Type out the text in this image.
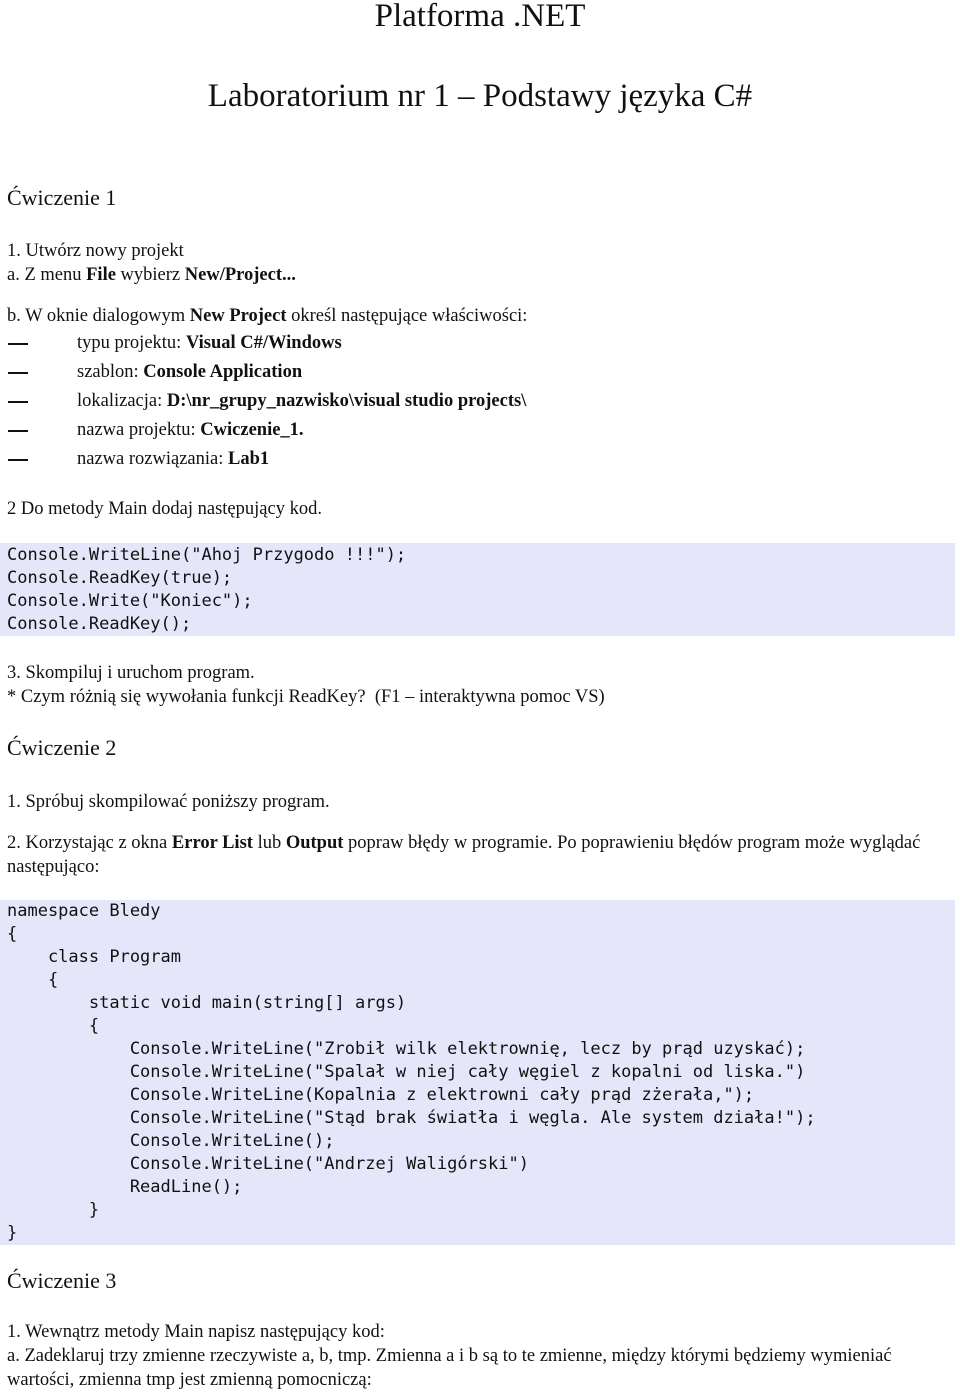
Platforma .NET
Laboratorium nr 1 – Podstawy języka C#
Ćwiczenie 1
1. Utwórz nowy projekt
a. Z menu File wybierz New/Project...
b. W oknie dialogowym New Project określ następujące właściwości:
typu projektu: Visual C#/Windows
szablon: Console Application
lokalizacja: D:\nr_grupy_nazwisko\visual studio projects\
nazwa projektu: Cwiczenie_1.
nazwa rozwiązania: Lab1
2 Do metody Main dodaj następujący kod.
Console.WriteLine("Ahoj Przygodo !!!");
Console.ReadKey(true);
Console.Write("Koniec");
Console.ReadKey();
3. Skompiluj i uruchom program.
* Czym różnią się wywołania funkcji ReadKey?  (F1 – interaktywna pomoc VS)
Ćwiczenie 2
1. Spróbuj skompilować poniższy program.
2. Korzystając z okna Error List lub Output popraw błędy w programie. Po poprawieniu błędów program może wyglądać następująco:
namespace Bledy
{
class Program
{
static void main(string[] args)
{
Console.WriteLine("Zrobił wilk elektrownię, lecz by prąd uzyskać);
Console.WriteLine("Spalał w niej cały węgiel z kopalni od liska.")
Console.WriteLine(Kopalnia z elektrowni cały prąd zżerała,");
Console.WriteLine("Stąd brak światła i węgla. Ale system działa!");
Console.WriteLine();
Console.WriteLine("Andrzej Waligórski")
ReadLine();
}
}
Ćwiczenie 3
1. Wewnątrz metody Main napisz następujący kod:
a. Zadeklaruj trzy zmienne rzeczywiste a, b, tmp. Zmienna a i b są to te zmienne, między którymi będziemy wymieniać wartości, zmienna tmp jest zmienną pomocniczą:
